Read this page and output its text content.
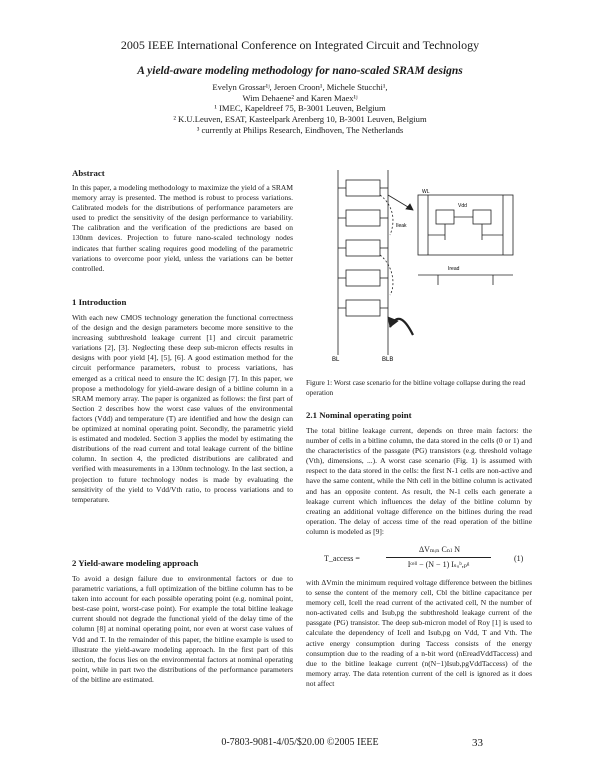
2005 IEEE International Conference on Integrated Circuit and Technology
A yield-aware modeling methodology for nano-scaled SRAM designs
Evelyn Grossar¹ʲ, Jeroen Croon¹, Michele Stucchi¹,
Wim Dehaene² and Karen Maex¹ʲ
¹ IMEC, Kapeldreef 75, B-3001 Leuven, Belgium
² K.U.Leuven, ESAT, Kasteelpark Arenberg 10, B-3001 Leuven, Belgium
³ currently at Philips Research, Eindhoven, The Netherlands
Abstract
In this paper, a modeling methodology to maximize the yield of a SRAM memory array is presented. The method is robust to process variations. Calibrated models for the distributions of performance parameters are used to predict the sensitivity of the design performance to variability. The calibration and the verification of the predictions are based on 130nm devices. Projection to future nano-scaled technology nodes indicates that further scaling requires good modeling of the parametric variations to overcome poor yield, unless the variations can be better controlled.
1 Introduction
With each new CMOS technology generation the functional correctness of the design and the design parameters become more sensitive to the increasing subthreshold leakage current [1] and circuit parametric variations [2], [3]. Neglecting these deep sub-micron effects results in designs with poor yield [4], [5], [6]. A good estimation method for the circuit performance parameters, robust to process variations, has emerged as a critical need to ensure the IC design [7]. In this paper, we propose a methodology for yield-aware design of a bitline column in a SRAM memory array. The paper is organized as follows: the first part of Section 2 describes how the worst case values of the environmental factors (Vdd) and temperature (T) are identified and how the design can be optimized at nominal operating point. Secondly, the parametric yield is estimated and modeled. Section 3 applies the model by estimating the distributions of the read current and total leakage current of the bitline column. In section 4, the predicted distributions are calibrated and verified with measurements in a 130nm technology. In the last section, a projection to future technology nodes is made by evaluating the sensitivity of the yield to Vdd/Vth ratio, to process variations and to temperature.
2 Yield-aware modeling approach
To avoid a design failure due to environmental factors or due to parametric variations, a full optimization of the bitline column has to be taken into account for each possible operating point (e.g. nominal point, best-case point, worst-case point). For example the total bitline leakage current should not degrade the functional yield of the delay time of the column [8] at nominal operating point, nor even at worst case values of Vdd and T. In the remainder of this paper, the bitline example is used to illustrate the yield-aware modeling approach. In the first part of this section, the focus lies on the environmental factors at nominal operating point, while in part two the distributions of the performance parameters of the bitline are estimated.
BL	BLB
WL
Iread
Ileak
Vdd
Figure 1: Worst case scenario for the bitline voltage collapse during the read operation
2.1 Nominal operating point
The total bitline leakage current, depends on three main factors: the number of cells in a bitline column, the data stored in the cells (0 or 1) and the characteristics of the passgate (PG) transistors (e.g. threshold voltage (Vth), dimensions, ...). A worst case scenario (Fig. 1) is assumed with respect to the data stored in the cells: the first N-1 cells are non-active and have the same content, while the Nth cell in the bitline column is activated and has an opposite content. As result, the N-1 cells each generate a leakage current which influences the delay of the bitline column by creating an additional voltage difference on the bitlines during the read operation. The delay of access time of the read operation of the bitline column is modeled as [9]:
T_access =
ΔVₘᵢₙ Cₙₗ N
Iᶜᵉˡˡ − (N − 1) Iₛᵤᵇ,ₚᵍ
(1)
with ΔVmin the minimum required voltage difference between the bitlines to sense the content of the memory cell, Cbl the bitline capacitance per memory cell, Icell the read current of the activated cell, N the number of non-activated cells and Isub,pg the subthreshold leakage current of the passgate (PG) transistor. The deep sub-micron model of Roy [1] is used to calculate the dependency of Icell and Isub,pg on Vdd, T and Vth. The active energy consumption during Taccess consists of the energy consumption due to the reading of a n-bit word (nEreadVddTaccess) and due to the bitline leakage current (n(N−1)Isub,pgVddTaccess) of the memory array. The data retention current of the cell is ignored as it does not affect
0-7803-9081-4/05/$20.00 ©2005 IEEE	33
